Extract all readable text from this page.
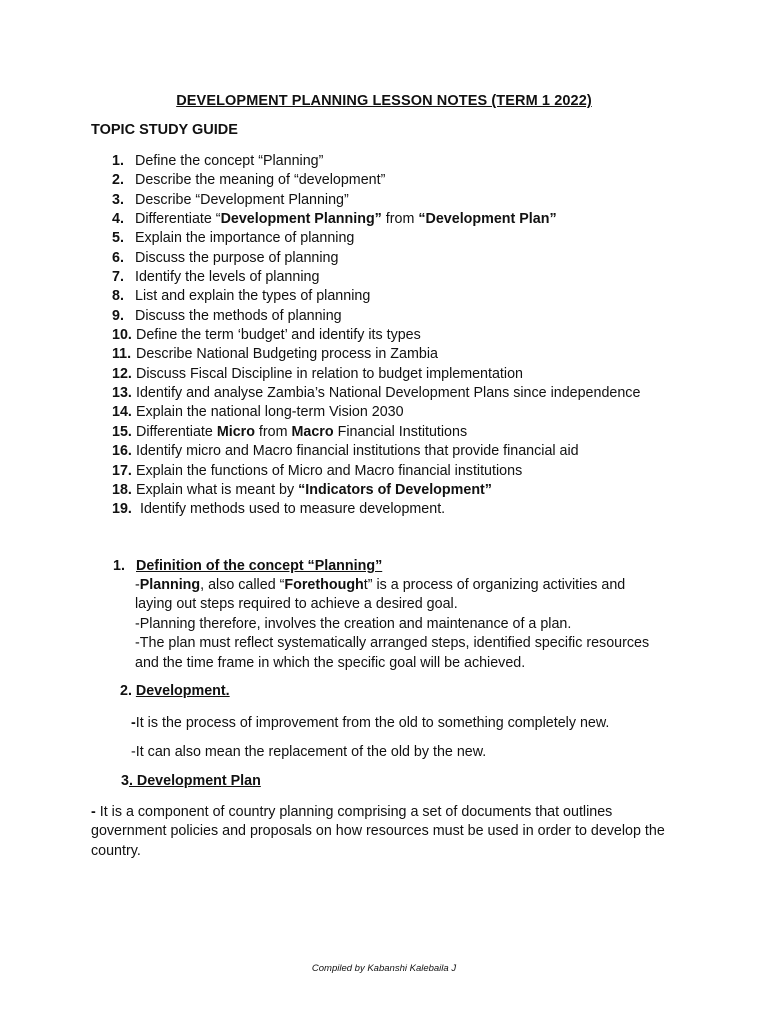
DEVELOPMENT PLANNING LESSON NOTES (TERM 1 2022)
TOPIC STUDY GUIDE
1. Define the concept “Planning”
2. Describe the meaning of “development”
3. Describe “Development Planning”
4. Differentiate “Development Planning” from “Development Plan”
5. Explain the importance of planning
6. Discuss the purpose of planning
7. Identify the levels of planning
8. List and explain the types of planning
9. Discuss the methods of planning
10. Define the term ‘budget’ and identify its types
11. Describe National Budgeting process in Zambia
12. Discuss Fiscal Discipline in relation to budget implementation
13. Identify and analyse Zambia’s National Development Plans since independence
14. Explain the national long-term Vision 2030
15. Differentiate Micro from Macro Financial Institutions
16. Identify micro and Macro financial institutions that provide financial aid
17. Explain the functions of Micro and Macro financial institutions
18. Explain what is meant by “Indicators of Development”
19. Identify methods used to measure development.
1. Definition of the concept “Planning”
-Planning, also called “Forethought” is a process of organizing activities and
laying out steps required to achieve a desired goal.
-Planning therefore, involves the creation and maintenance of a plan.
-The plan must reflect systematically arranged steps, identified specific resources
and the time frame in which the specific goal will be achieved.
2. Development.
-It is the process of improvement from the old to something completely new.
-It can also mean the replacement of the old by the new.
3. Development Plan
- It is a component of country planning comprising a set of documents that outlines government policies and proposals on how resources must be used in order to develop the country.
Compiled by Kabanshi Kalebaila J
